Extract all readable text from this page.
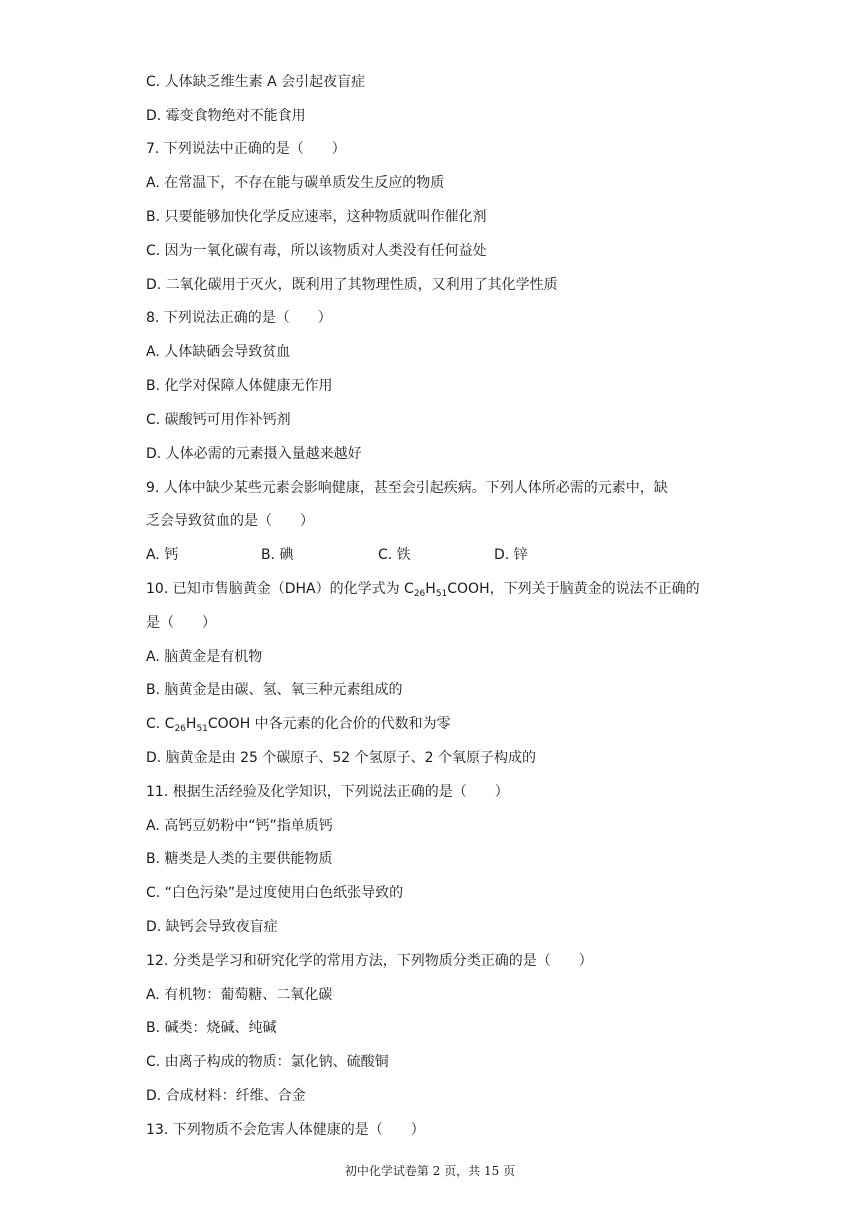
C. 人体缺乏维生素 A 会引起夜盲症
D. 霉变食物绝对不能食用
7. 下列说法中正确的是（　　）
A. 在常温下，不存在能与碳单质发生反应的物质
B. 只要能够加快化学反应速率，这种物质就叫作催化剂
C. 因为一氧化碳有毒，所以该物质对人类没有任何益处
D. 二氧化碳用于灭火，既利用了其物理性质，又利用了其化学性质
8. 下列说法正确的是（　　）
A. 人体缺硒会导致贫血
B. 化学对保障人体健康无作用
C. 碳酸钙可用作补钙剂
D. 人体必需的元素摄入量越来越好
9. 人体中缺少某些元素会影响健康，甚至会引起疾病。下列人体所必需的元素中，缺
乏会导致贫血的是（　　）
A. 钙	B. 碘	C. 铁	D. 锌
10. 已知市售脑黄金（DHA）的化学式为 $C_{26}H_{51}COOH$，下列关于脑黄金的说法不正确的
是（　　）
A. 脑黄金是有机物
B. 脑黄金是由碳、氢、氧三种元素组成的
C. $C_{26}H_{51}COOH$ 中各元素的化合价的代数和为零
D. 脑黄金是由 25 个碳原子、52 个氢原子、2 个氧原子构成的
11. 根据生活经验及化学知识，下列说法正确的是（　　）
A. 高钙豆奶粉中“钙”指单质钙
B. 糖类是人类的主要供能物质
C. “白色污染”是过度使用白色纸张导致的
D. 缺钙会导致夜盲症
12. 分类是学习和研究化学的常用方法，下列物质分类正确的是（　　）
A. 有机物：葡萄糖、二氧化碳
B. 碱类：烧碱、纯碱
C. 由离子构成的物质：氯化钠、硫酸铜
D. 合成材料：纤维、合金
13. 下列物质不会危害人体健康的是（　　）
初中化学试卷第 2 页，共 15 页
